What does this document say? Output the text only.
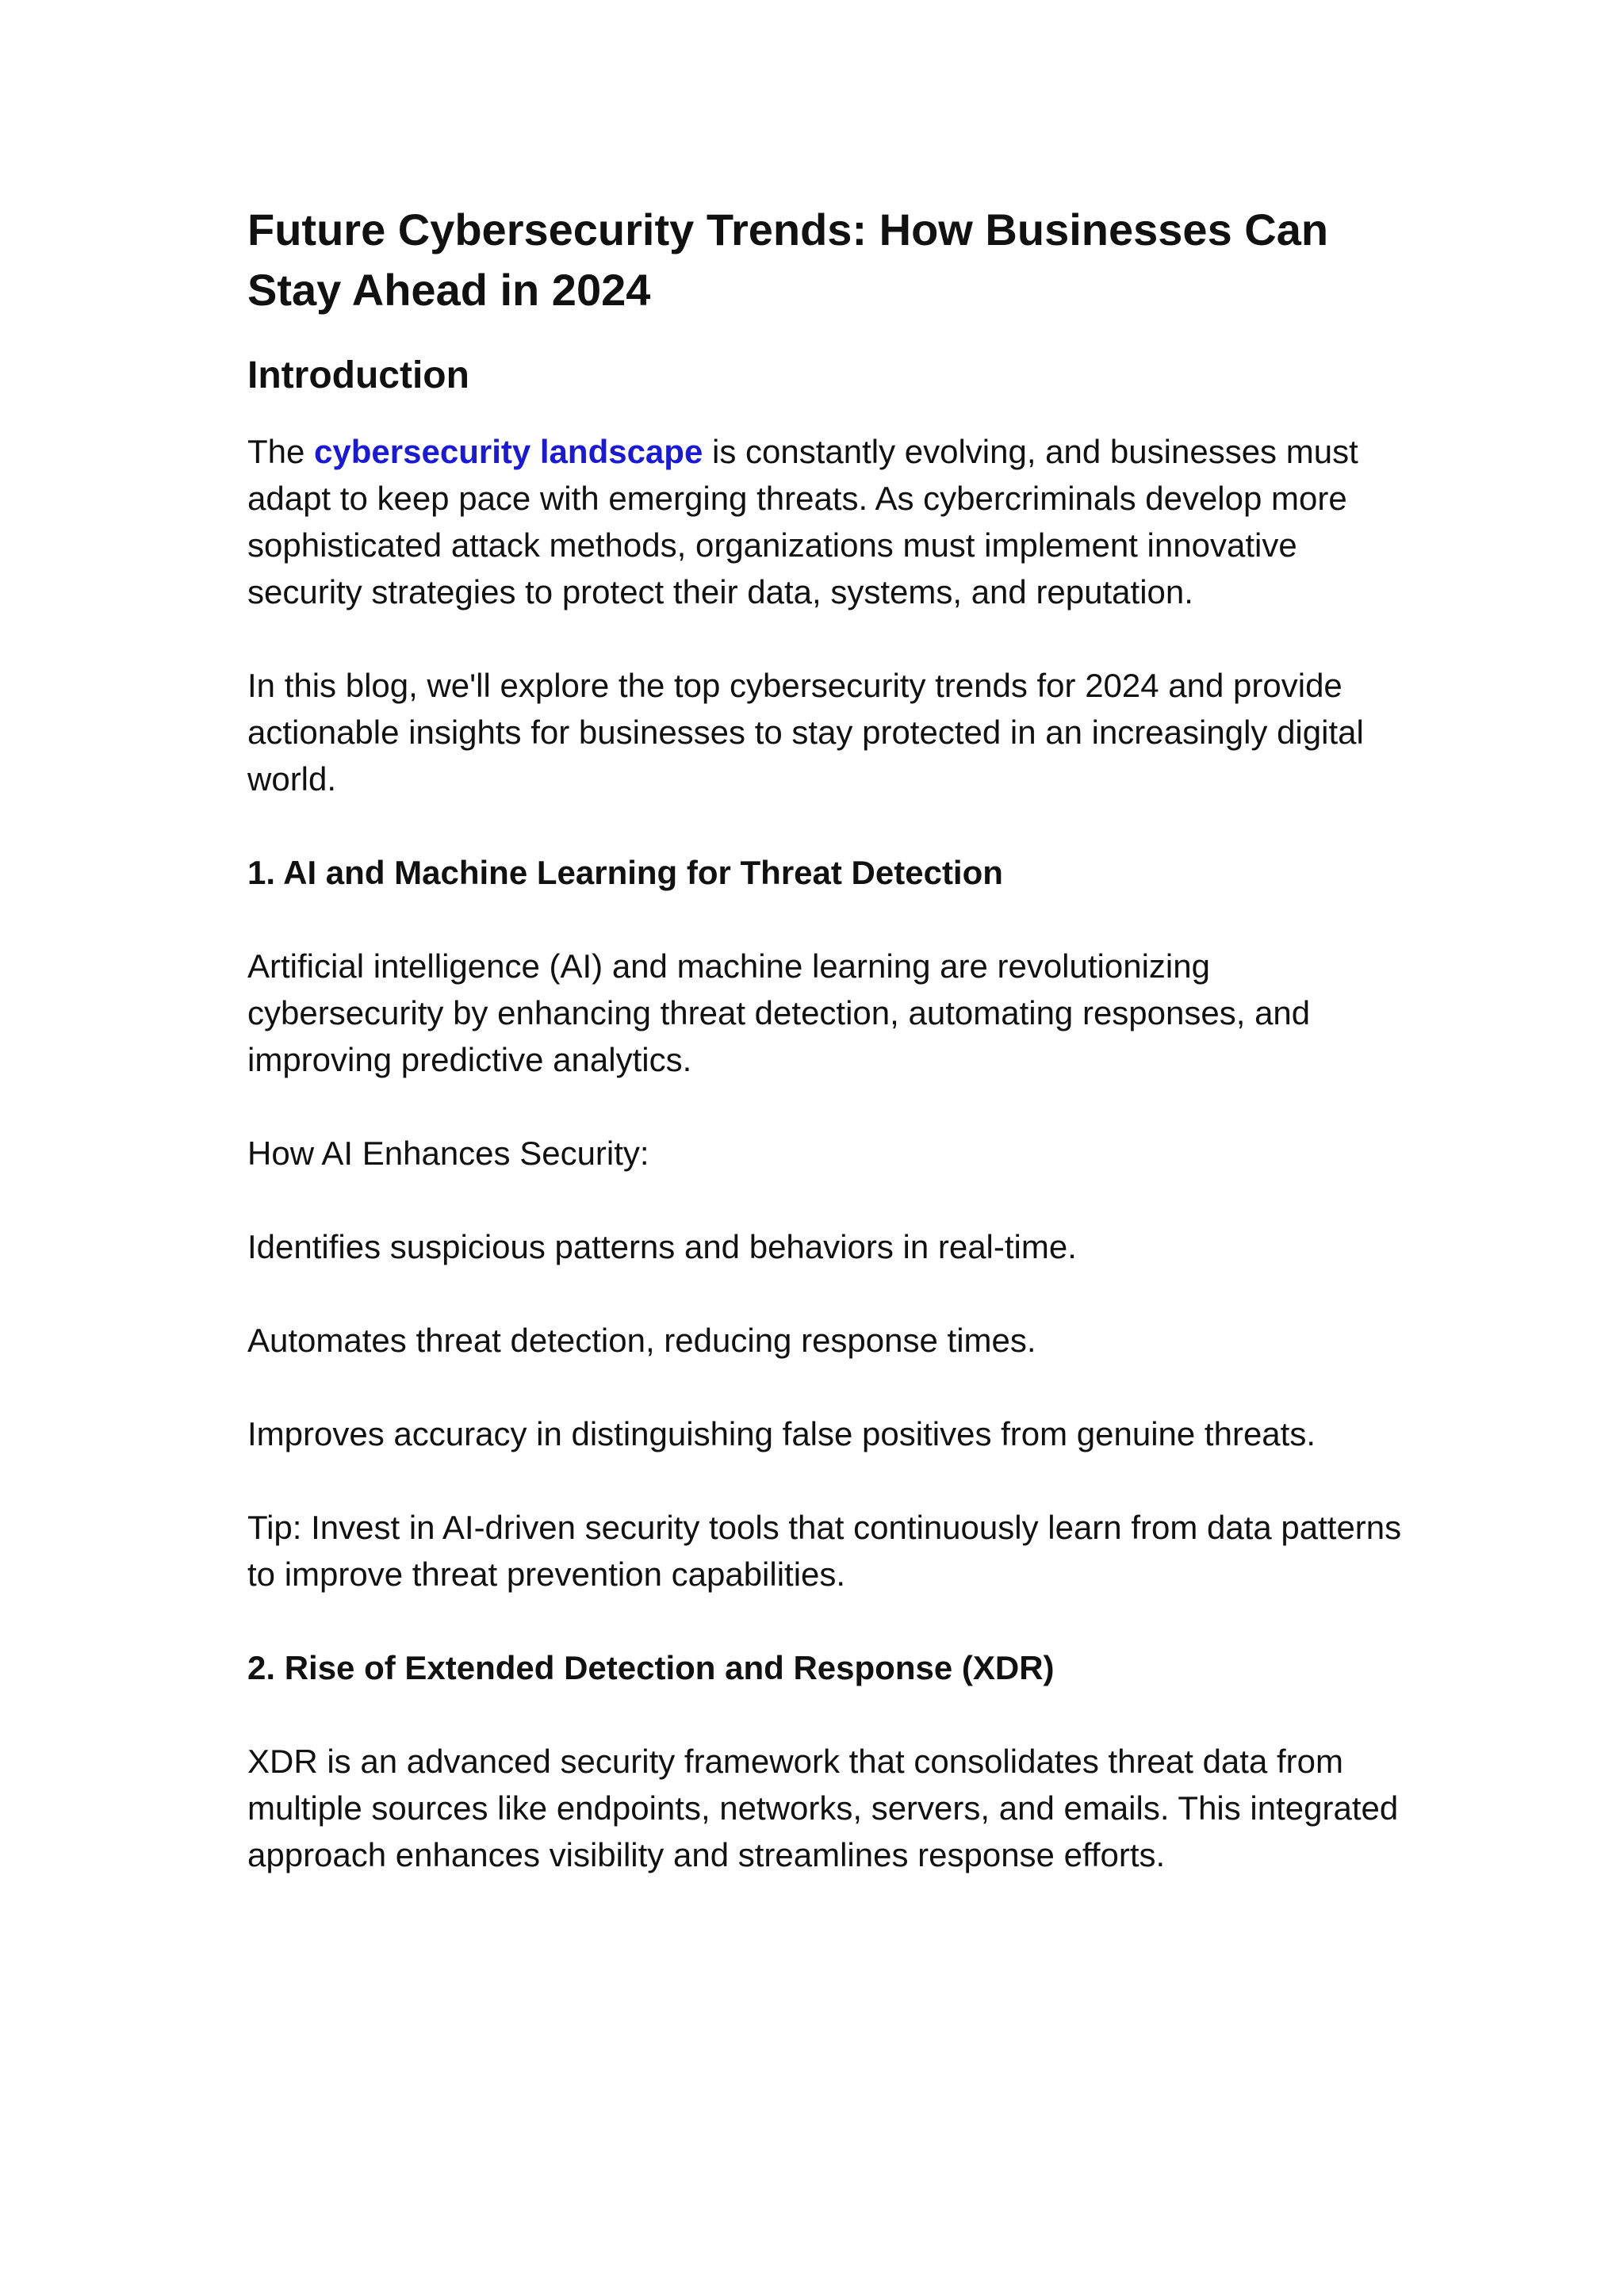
Future Cybersecurity Trends: How Businesses Can Stay Ahead in 2024
Introduction

The cybersecurity landscape is constantly evolving, and businesses must adapt to keep pace with emerging threats. As cybercriminals develop more sophisticated attack methods, organizations must implement innovative security strategies to protect their data, systems, and reputation.

In this blog, we'll explore the top cybersecurity trends for 2024 and provide actionable insights for businesses to stay protected in an increasingly digital world.

1. AI and Machine Learning for Threat Detection

Artificial intelligence (AI) and machine learning are revolutionizing cybersecurity by enhancing threat detection, automating responses, and improving predictive analytics.

How AI Enhances Security:

Identifies suspicious patterns and behaviors in real-time.

Automates threat detection, reducing response times.

Improves accuracy in distinguishing false positives from genuine threats.

Tip: Invest in AI-driven security tools that continuously learn from data patterns to improve threat prevention capabilities.

2. Rise of Extended Detection and Response (XDR)

XDR is an advanced security framework that consolidates threat data from multiple sources like endpoints, networks, servers, and emails. This integrated approach enhances visibility and streamlines response efforts.
